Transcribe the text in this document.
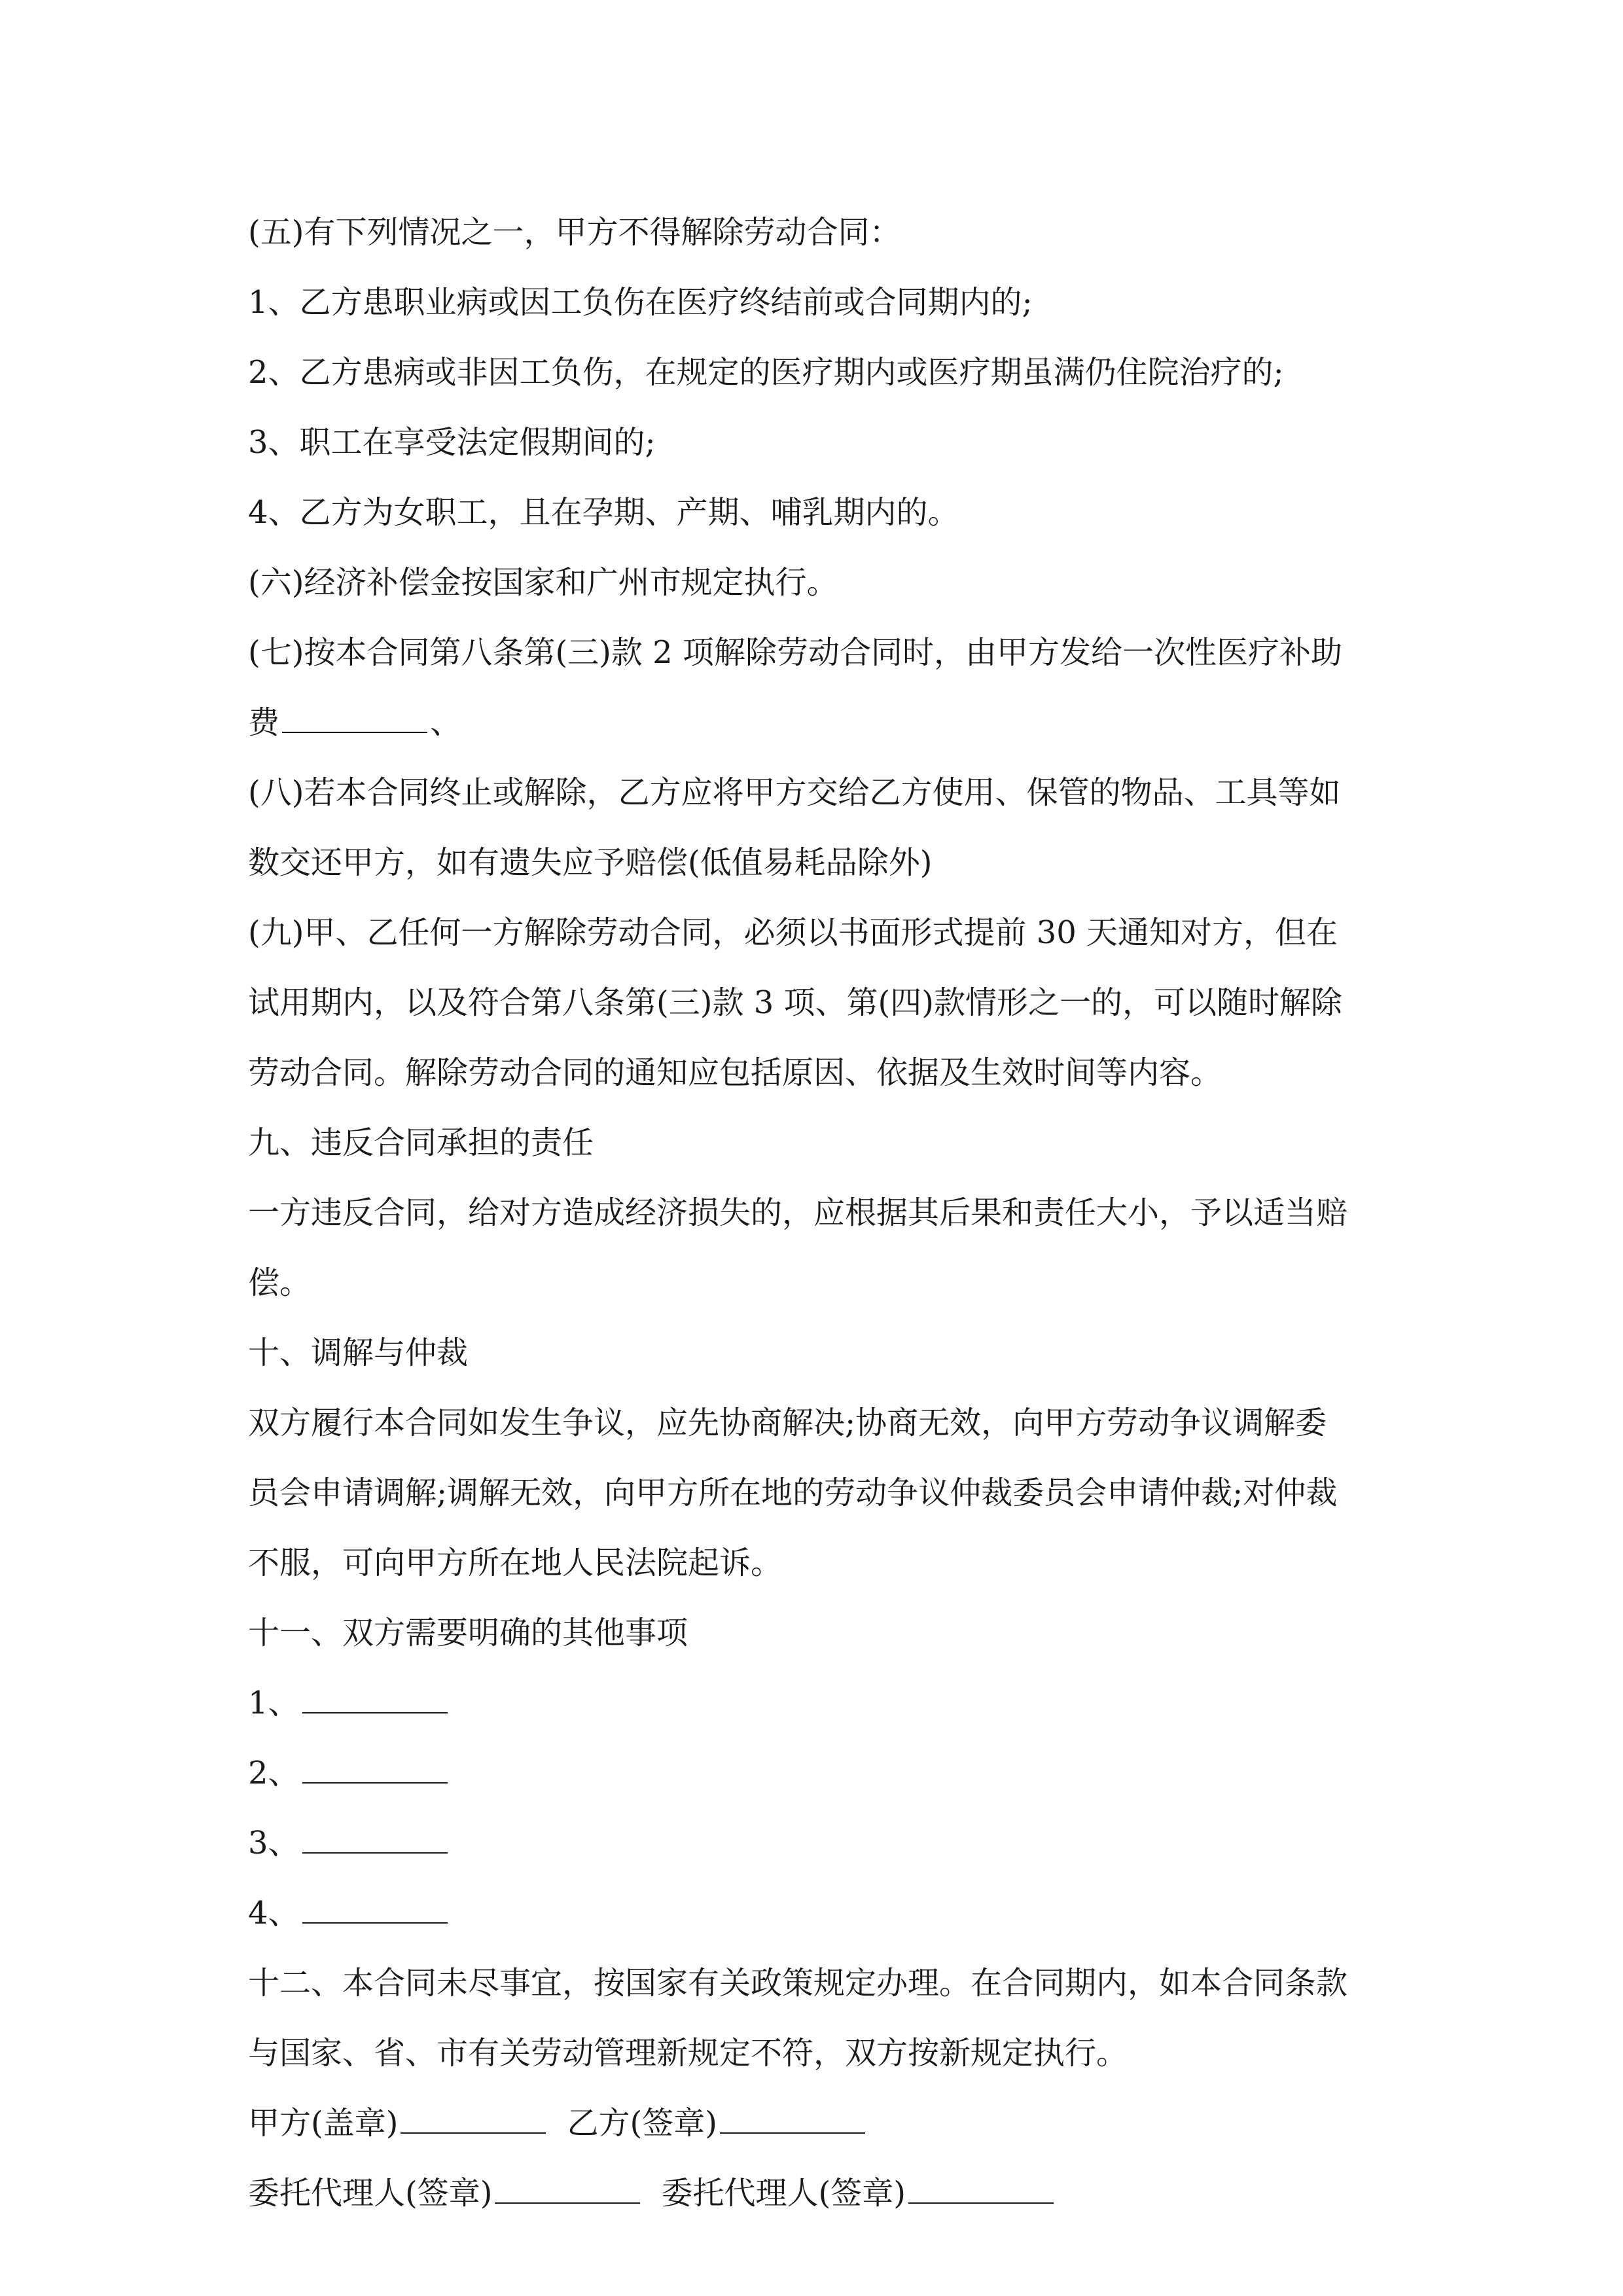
(五)有下列情况之一，甲方不得解除劳动合同：
1、乙方患职业病或因工负伤在医疗终结前或合同期内的;
2、乙方患病或非因工负伤，在规定的医疗期内或医疗期虽满仍住院治疗的;
3、职工在享受法定假期间的;
4、乙方为女职工，且在孕期、产期、哺乳期内的。
(六)经济补偿金按国家和广州市规定执行。
(七)按本合同第八条第(三)款 2 项解除劳动合同时，由甲方发给一次性医疗补助
费	、
(八)若本合同终止或解除，乙方应将甲方交给乙方使用、保管的物品、工具等如
数交还甲方，如有遗失应予赔偿(低值易耗品除外)
(九)甲、乙任何一方解除劳动合同，必须以书面形式提前 30 天通知对方，但在
试用期内，以及符合第八条第(三)款 3 项、第(四)款情形之一的，可以随时解除
劳动合同。解除劳动合同的通知应包括原因、依据及生效时间等内容。
九、违反合同承担的责任
一方违反合同，给对方造成经济损失的，应根据其后果和责任大小，予以适当赔
偿。
十、调解与仲裁
双方履行本合同如发生争议，应先协商解决;协商无效，向甲方劳动争议调解委
员会申请调解;调解无效，向甲方所在地的劳动争议仲裁委员会申请仲裁;对仲裁
不服，可向甲方所在地人民法院起诉。
十一、双方需要明确的其他事项
1、
2、
3、
4、
十二、本合同未尽事宜，按国家有关政策规定办理。在合同期内，如本合同条款
与国家、省、市有关劳动管理新规定不符，双方按新规定执行。
甲方(盖章)	乙方(签章)
委托代理人(签章)	委托代理人(签章)
